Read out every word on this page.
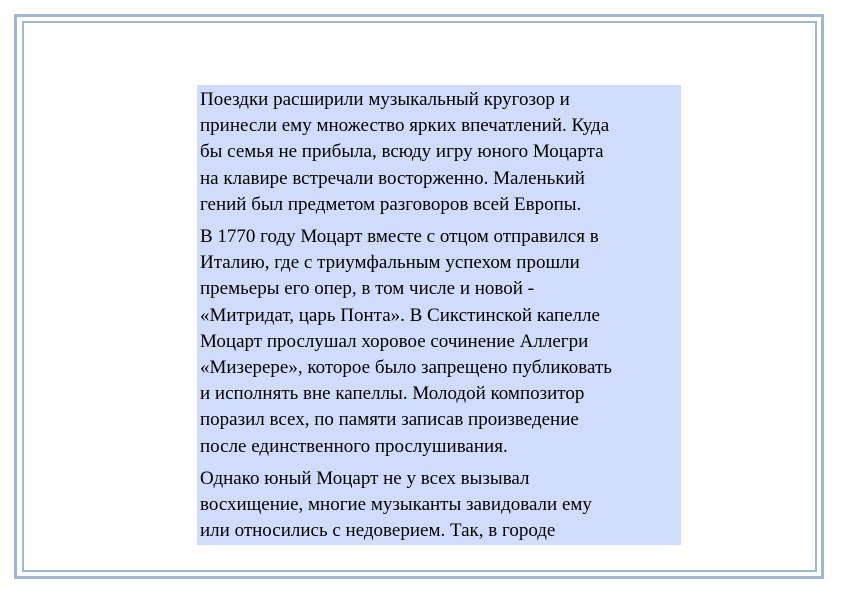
Поездки расширили музыкальный кругозор и
принесли ему множество ярких впечатлений. Куда
бы семья не прибыла, всюду игру юного Моцарта
на клавире встречали восторженно. Маленький
гений был предметом разговоров всей Европы.

В 1770 году Моцарт вместе с отцом отправился в
Италию, где с триумфальным успехом прошли
премьеры его опер, в том числе и новой -
«Митридат, царь Понта». В Сикстинской капелле
Моцарт прослушал хоровое сочинение Аллегри
«Мизерере», которое было запрещено публиковать
и исполнять вне капеллы. Молодой композитор
поразил всех, по памяти записав произведение
после единственного прослушивания.

Однако юный Моцарт не у всех вызывал
восхищение, многие музыканты завидовали ему
или относились с недоверием. Так, в городе
